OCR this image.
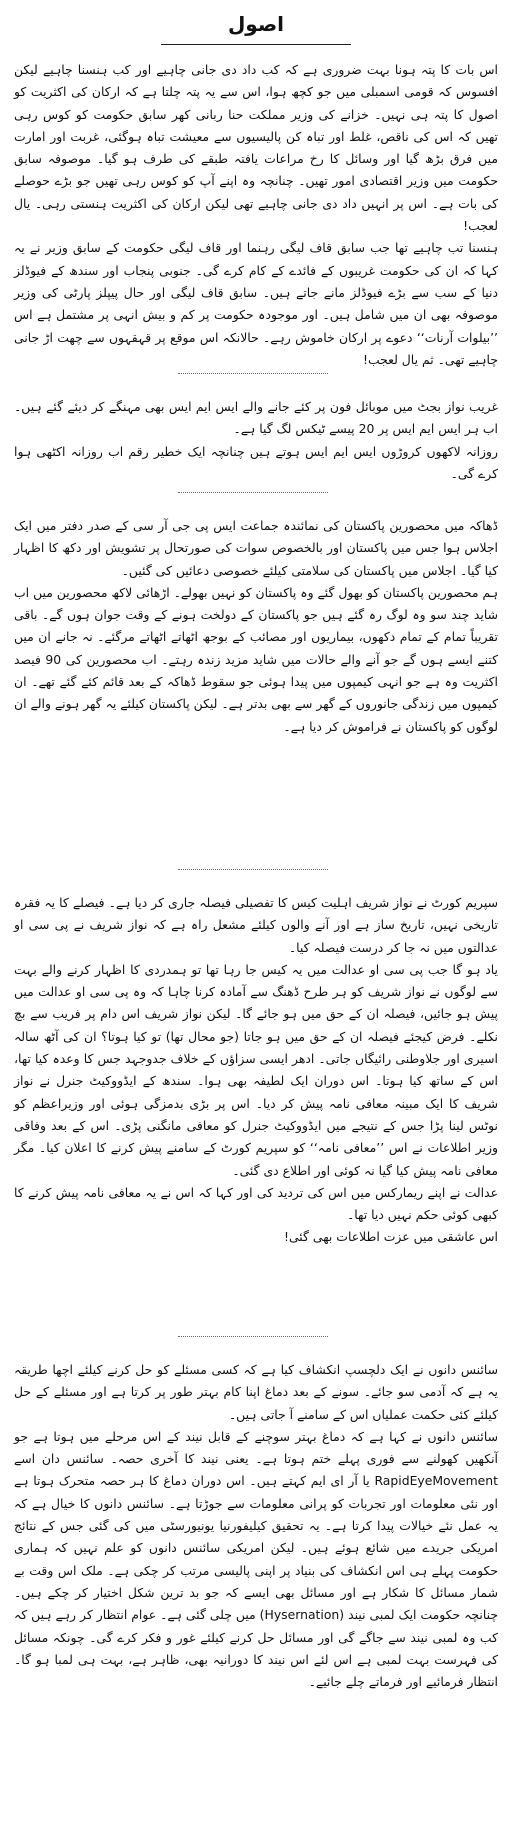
اصول

اس بات کا پتہ ہونا بہت ضروری ہے کہ کب داد دی جانی چاہیے اور کب ہنسنا چاہیے لیکن افسوس کہ قومی اسمبلی میں جو کچھ ہوا، اس سے یہ پتہ چلتا ہے کہ ارکان کی اکثریت کو اصول کا پتہ ہی نہیں۔ خزانے کی وزیر مملکت حنا ربانی کھر سابق حکومت کو کوس رہی تھیں کہ اس کی ناقص، غلط اور تباہ کن پالیسیوں سے معیشت تباہ ہوگئی، غربت اور امارت میں فرق بڑھ گیا اور وسائل کا رخ مراعات یافتہ طبقے کی طرف ہو گیا۔ موصوفہ سابق حکومت میں وزیر اقتصادی امور تھیں۔ چنانچہ وہ اپنے آپ کو کوس رہی تھیں جو بڑے حوصلے کی بات ہے۔ اس پر انہیں داد دی جانی چاہیے تھی لیکن ارکان کی اکثریت ہنستی رہی۔ یال لعجب!

ہنسنا تب چاہیے تھا جب سابق قاف لیگی رہنما اور قاف لیگی حکومت کے سابق وزیر نے یہ کہا کہ ان کی حکومت غریبوں کے فائدے کے کام کرے گی۔ جنوبی پنجاب اور سندھ کے فیوڈلز دنیا کے سب سے بڑے فیوڈلز مانے جاتے ہیں۔ سابق قاف لیگی اور حال پیپلز پارٹی کی وزیر موصوفہ بھی ان میں شامل ہیں۔ اور موجودہ حکومت پر کم و بیش انہی پر مشتمل ہے اس ’’بیلوات آرنات‘‘ دعوے پر ارکان خاموش رہے۔ حالانکہ اس موقع پر قہقہوں سے چھت اڑ جانی چاہیے تھی۔ ثم یال لعجب!

غریب نواز بجٹ میں موبائل فون پر کئے جانے والے ایس ایم ایس بھی مہنگے کر دیئے گئے ہیں۔ اب ہر ایس ایم ایس پر 20 پیسے ٹیکس لگ گیا ہے۔

روزانہ لاکھوں کروڑوں ایس ایم ایس ہوتے ہیں چنانچہ ایک خطیر رقم اب روزانہ اکٹھی ہوا کرے گی۔

ڈھاکہ میں محصورین پاکستان کی نمائندہ جماعت ایس پی جی آر سی کے صدر دفتر میں ایک اجلاس ہوا جس میں پاکستان اور بالخصوص سوات کی صورتحال پر تشویش اور دکھ کا اظہار کیا گیا۔ اجلاس میں پاکستان کی سلامتی کیلئے خصوصی دعائیں کی گئیں۔

ہم محصورین پاکستان کو بھول گئے وہ پاکستان کو نہیں بھولے۔ اڑھائی لاکھ محصورین میں اب شاید چند سو وہ لوگ رہ گئے ہیں جو پاکستان کے دولخت ہونے کے وقت جوان ہوں گے۔ باقی تقریباً تمام کے تمام دکھوں، بیماریوں اور مصائب کے بوجھ اٹھاتے اٹھاتے مرگئے۔ نہ جانے ان میں کتنے ایسے ہوں گے جو آنے والے حالات میں شاید مزید زندہ رہتے۔ اب محصورین کی 90 فیصد اکثریت وہ ہے جو انہی کیمپوں میں پیدا ہوئی جو سقوط ڈھاکہ کے بعد قائم کئے گئے تھے۔ ان کیمپوں میں زندگی جانوروں کے گھر سے بھی بدتر ہے۔ لیکن پاکستان کیلئے یہ گھر ہونے والے ان لوگوں کو پاکستان نے فراموش کر دیا ہے۔

سپریم کورٹ نے نواز شریف اہلیت کیس کا تفصیلی فیصلہ جاری کر دیا ہے۔ فیصلے کا یہ فقرہ تاریخی نہیں، تاریخ ساز ہے اور آنے والوں کیلئے مشعل راہ ہے کہ نواز شریف نے پی سی او عدالتوں میں نہ جا کر درست فیصلہ کیا۔

یاد ہو گا جب پی سی او عدالت میں یہ کیس جا رہا تھا تو ہمدردی کا اظہار کرنے والے بہت سے لوگوں نے نواز شریف کو ہر طرح ڈھنگ سے آمادہ کرنا چاہا کہ وہ پی سی او عدالت میں پیش ہو جائیں، فیصلہ ان کے حق میں ہو جائے گا۔ لیکن نواز شریف اس دام پر فریب سے بچ نکلے۔ فرض کیجئے فیصلہ ان کے حق میں ہو جاتا (جو محال تھا) تو کیا ہوتا؟ ان کی آٹھ سالہ اسیری اور جلاوطنی رائیگاں جاتی۔ ادھر ایسی سزاؤں کے خلاف جدوجہد جس کا وعدہ کیا تھا، اس کے ساتھ کیا ہوتا۔ اس دوران ایک لطیفہ بھی ہوا۔ سندھ کے ایڈووکیٹ جنرل نے نواز شریف کا ایک مبینہ معافی نامہ پیش کر دیا۔ اس پر بڑی بدمزگی ہوئی اور وزیراعظم کو نوٹس لینا پڑا جس کے نتیجے میں ایڈووکیٹ جنرل کو معافی مانگنی پڑی۔ اس کے بعد وفاقی وزیر اطلاعات نے اس ’’معافی نامہ‘‘ کو سپریم کورٹ کے سامنے پیش کرنے کا اعلان کیا۔ مگر معافی نامہ پیش کیا گیا نہ کوئی اور اطلاع دی گئی۔

عدالت نے اپنے ریمارکس میں اس کی تردید کی اور کہا کہ اس نے یہ معافی نامہ پیش کرنے کا کبھی کوئی حکم نہیں دیا تھا۔

اس عاشقی میں عزت اطلاعات بھی گئی!

سائنس دانوں نے ایک دلچسپ انکشاف کیا ہے کہ کسی مسئلے کو حل کرنے کیلئے اچھا طریقہ یہ ہے کہ آدمی سو جائے۔ سونے کے بعد دماغ اپنا کام بہتر طور پر کرتا ہے اور مسئلے کے حل کیلئے کئی حکمت عملیاں اس کے سامنے آ جاتی ہیں۔

سائنس دانوں نے کہا ہے کہ دماغ بہتر سوچنے کے قابل نیند کے اس مرحلے میں ہوتا ہے جو آنکھیں کھولنے سے فوری پہلے ختم ہوتا ہے۔ یعنی نیند کا آخری حصہ۔ سائنس دان اسے RapidEyeMovement یا آر ای ایم کہتے ہیں۔ اس دوران دماغ کا ہر حصہ متحرک ہوتا ہے اور نئی معلومات اور تجربات کو پرانی معلومات سے جوڑتا ہے۔ سائنس دانوں کا خیال ہے کہ یہ عمل نئے خیالات پیدا کرتا ہے۔ یہ تحقیق کیلیفورنیا یونیورسٹی میں کی گئی جس کے نتائج امریکی جریدے میں شائع ہوئے ہیں۔ لیکن امریکی سائنس دانوں کو علم نہیں کہ ہماری حکومت پہلے ہی اس انکشاف کی بنیاد پر اپنی پالیسی مرتب کر چکی ہے۔ ملک اس وقت بے شمار مسائل کا شکار ہے اور مسائل بھی ایسے کہ جو بد ترین شکل اختیار کر چکے ہیں۔ چنانچہ حکومت ایک لمبی نیند (Hysernation) میں چلی گئی ہے۔ عوام انتظار کر رہے ہیں کہ کب وہ لمبی نیند سے جاگے گی اور مسائل حل کرنے کیلئے غور و فکر کرے گی۔ چونکہ مسائل کی فہرست بہت لمبی ہے اس لئے اس نیند کا دورانیہ بھی، ظاہر ہے، بہت ہی لمبا ہو گا۔ انتظار فرمائیے اور فرماتے چلے جائیے۔
